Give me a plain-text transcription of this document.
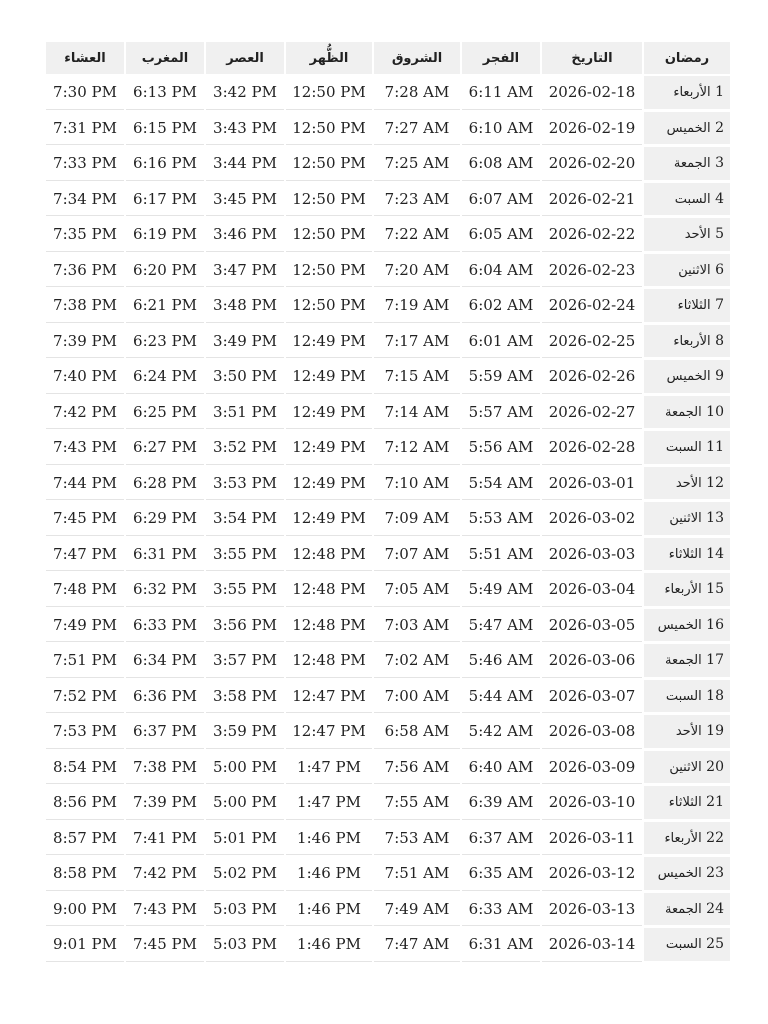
رمضان	التاريخ	الفجر	الشروق	الظُّهر	العصر	المغرب	العشاء
1 الأربعاء	2026-02-18	6:11 AM	7:28 AM	12:50 PM	3:42 PM	6:13 PM	7:30 PM
2 الخميس	2026-02-19	6:10 AM	7:27 AM	12:50 PM	3:43 PM	6:15 PM	7:31 PM
3 الجمعة	2026-02-20	6:08 AM	7:25 AM	12:50 PM	3:44 PM	6:16 PM	7:33 PM
4 السبت	2026-02-21	6:07 AM	7:23 AM	12:50 PM	3:45 PM	6:17 PM	7:34 PM
5 الأحد	2026-02-22	6:05 AM	7:22 AM	12:50 PM	3:46 PM	6:19 PM	7:35 PM
6 الاثنين	2026-02-23	6:04 AM	7:20 AM	12:50 PM	3:47 PM	6:20 PM	7:36 PM
7 الثلاثاء	2026-02-24	6:02 AM	7:19 AM	12:50 PM	3:48 PM	6:21 PM	7:38 PM
8 الأربعاء	2026-02-25	6:01 AM	7:17 AM	12:49 PM	3:49 PM	6:23 PM	7:39 PM
9 الخميس	2026-02-26	5:59 AM	7:15 AM	12:49 PM	3:50 PM	6:24 PM	7:40 PM
10 الجمعة	2026-02-27	5:57 AM	7:14 AM	12:49 PM	3:51 PM	6:25 PM	7:42 PM
11 السبت	2026-02-28	5:56 AM	7:12 AM	12:49 PM	3:52 PM	6:27 PM	7:43 PM
12 الأحد	2026-03-01	5:54 AM	7:10 AM	12:49 PM	3:53 PM	6:28 PM	7:44 PM
13 الاثنين	2026-03-02	5:53 AM	7:09 AM	12:49 PM	3:54 PM	6:29 PM	7:45 PM
14 الثلاثاء	2026-03-03	5:51 AM	7:07 AM	12:48 PM	3:55 PM	6:31 PM	7:47 PM
15 الأربعاء	2026-03-04	5:49 AM	7:05 AM	12:48 PM	3:55 PM	6:32 PM	7:48 PM
16 الخميس	2026-03-05	5:47 AM	7:03 AM	12:48 PM	3:56 PM	6:33 PM	7:49 PM
17 الجمعة	2026-03-06	5:46 AM	7:02 AM	12:48 PM	3:57 PM	6:34 PM	7:51 PM
18 السبت	2026-03-07	5:44 AM	7:00 AM	12:47 PM	3:58 PM	6:36 PM	7:52 PM
19 الأحد	2026-03-08	5:42 AM	6:58 AM	12:47 PM	3:59 PM	6:37 PM	7:53 PM
20 الاثنين	2026-03-09	6:40 AM	7:56 AM	1:47 PM	5:00 PM	7:38 PM	8:54 PM
21 الثلاثاء	2026-03-10	6:39 AM	7:55 AM	1:47 PM	5:00 PM	7:39 PM	8:56 PM
22 الأربعاء	2026-03-11	6:37 AM	7:53 AM	1:46 PM	5:01 PM	7:41 PM	8:57 PM
23 الخميس	2026-03-12	6:35 AM	7:51 AM	1:46 PM	5:02 PM	7:42 PM	8:58 PM
24 الجمعة	2026-03-13	6:33 AM	7:49 AM	1:46 PM	5:03 PM	7:43 PM	9:00 PM
25 السبت	2026-03-14	6:31 AM	7:47 AM	1:46 PM	5:03 PM	7:45 PM	9:01 PM
